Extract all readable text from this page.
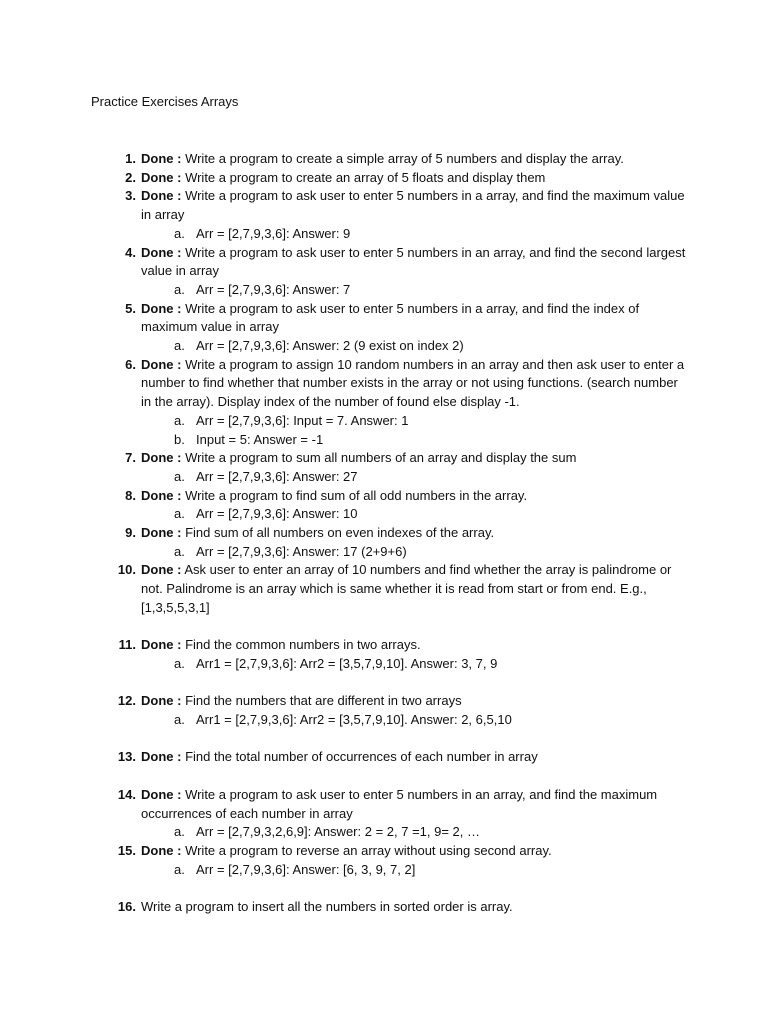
Practice Exercises Arrays
1. Done : Write a program to create a simple array of 5 numbers and display the array.
2. Done : Write a program to create an array of 5 floats and display them
3. Done : Write a program to ask user to enter 5 numbers in a array, and find the maximum value in array
a. Arr = [2,7,9,3,6]: Answer: 9
4. Done : Write a program to ask user to enter 5 numbers in an array, and find the second largest value in array
a. Arr = [2,7,9,3,6]: Answer: 7
5. Done : Write a program to ask user to enter 5 numbers in a array, and find the index of maximum value in array
a. Arr = [2,7,9,3,6]: Answer: 2 (9 exist on index 2)
6. Done : Write a program to assign 10 random numbers in an array and then ask user to enter a number to find whether that number exists in the array or not using functions. (search number in the array). Display index of the number of found else display -1.
a. Arr = [2,7,9,3,6]: Input = 7. Answer: 1
b. Input = 5: Answer = -1
7. Done : Write a program to sum all numbers of an array and display the sum
a. Arr = [2,7,9,3,6]: Answer: 27
8. Done : Write a program to find sum of all odd numbers in the array.
a. Arr = [2,7,9,3,6]: Answer: 10
9. Done : Find sum of all numbers on even indexes of the array.
a. Arr = [2,7,9,3,6]: Answer: 17 (2+9+6)
10. Done : Ask user to enter an array of 10 numbers and find whether the array is palindrome or not. Palindrome is an array which is same whether it is read from start or from end. E.g., [1,3,5,5,3,1]
11. Done : Find the common numbers in two arrays.
a. Arr1 = [2,7,9,3,6]: Arr2 = [3,5,7,9,10]. Answer: 3, 7, 9
12. Done : Find the numbers that are different in two arrays
a. Arr1 = [2,7,9,3,6]: Arr2 = [3,5,7,9,10]. Answer: 2, 6,5,10
13. Done : Find the total number of occurrences of each number in array
14. Done : Write a program to ask user to enter 5 numbers in an array, and find the maximum occurrences of each number in array
a. Arr = [2,7,9,3,2,6,9]: Answer: 2 = 2, 7 =1, 9= 2, …
15. Done : Write a program to reverse an array without using second array.
a. Arr = [2,7,9,3,6]: Answer: [6, 3, 9, 7, 2]
16. Write a program to insert all the numbers in sorted order is array.
